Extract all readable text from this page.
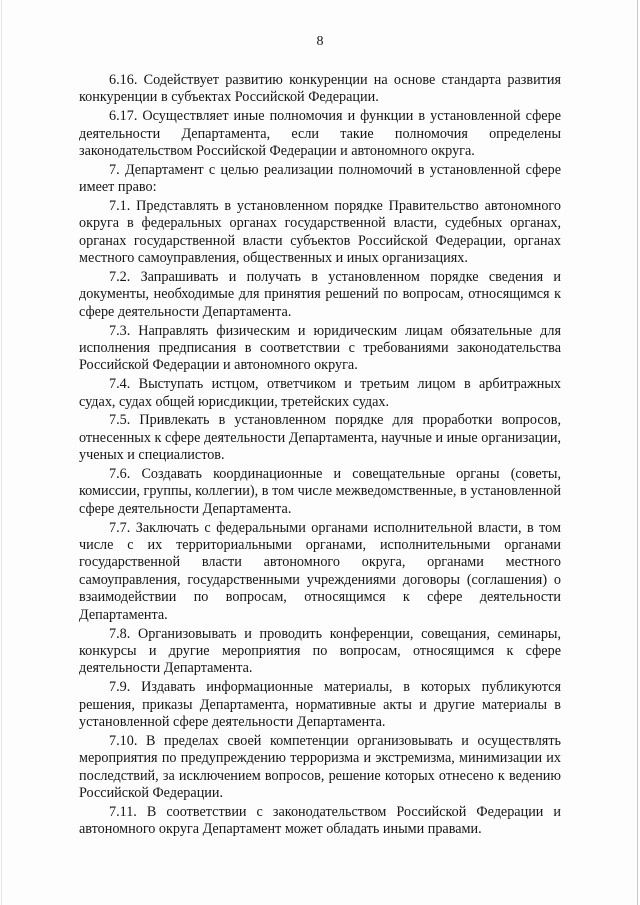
8

6.16. Содействует развитию конкуренции на основе стандарта развития конкуренции в субъектах Российской Федерации.

6.17. Осуществляет иные полномочия и функции в установленной сфере деятельности Департамента, если такие полномочия определены законодательством Российской Федерации и автономного округа.

7. Департамент с целью реализации полномочий в установленной сфере имеет право:

7.1. Представлять в установленном порядке Правительство автономного округа в федеральных органах государственной власти, судебных органах, органах государственной власти субъектов Российской Федерации, органах местного самоуправления, общественных и иных организациях.

7.2. Запрашивать и получать в установленном порядке сведения и документы, необходимые для принятия решений по вопросам, относящимся к сфере деятельности Департамента.

7.3. Направлять физическим и юридическим лицам обязательные для исполнения предписания в соответствии с требованиями законодательства Российской Федерации и автономного округа.

7.4. Выступать истцом, ответчиком и третьим лицом в арбитражных судах, судах общей юрисдикции, третейских судах.

7.5. Привлекать в установленном порядке для проработки вопросов, отнесенных к сфере деятельности Департамента, научные и иные организации, ученых и специалистов.

7.6. Создавать координационные и совещательные органы (советы, комиссии, группы, коллегии), в том числе межведомственные, в установленной сфере деятельности Департамента.

7.7. Заключать с федеральными органами исполнительной власти, в том числе с их территориальными органами, исполнительными органами государственной власти автономного округа, органами местного самоуправления, государственными учреждениями договоры (соглашения) о взаимодействии по вопросам, относящимся к сфере деятельности Департамента.

7.8. Организовывать и проводить конференции, совещания, семинары, конкурсы и другие мероприятия по вопросам, относящимся к сфере деятельности Департамента.

7.9. Издавать информационные материалы, в которых публикуются решения, приказы Департамента, нормативные акты и другие материалы в установленной сфере деятельности Департамента.

7.10. В пределах своей компетенции организовывать и осуществлять мероприятия по предупреждению терроризма и экстремизма, минимизации их последствий, за исключением вопросов, решение которых отнесено к ведению Российской Федерации.

7.11. В соответствии с законодательством Российской Федерации и автономного округа Департамент может обладать иными правами.
